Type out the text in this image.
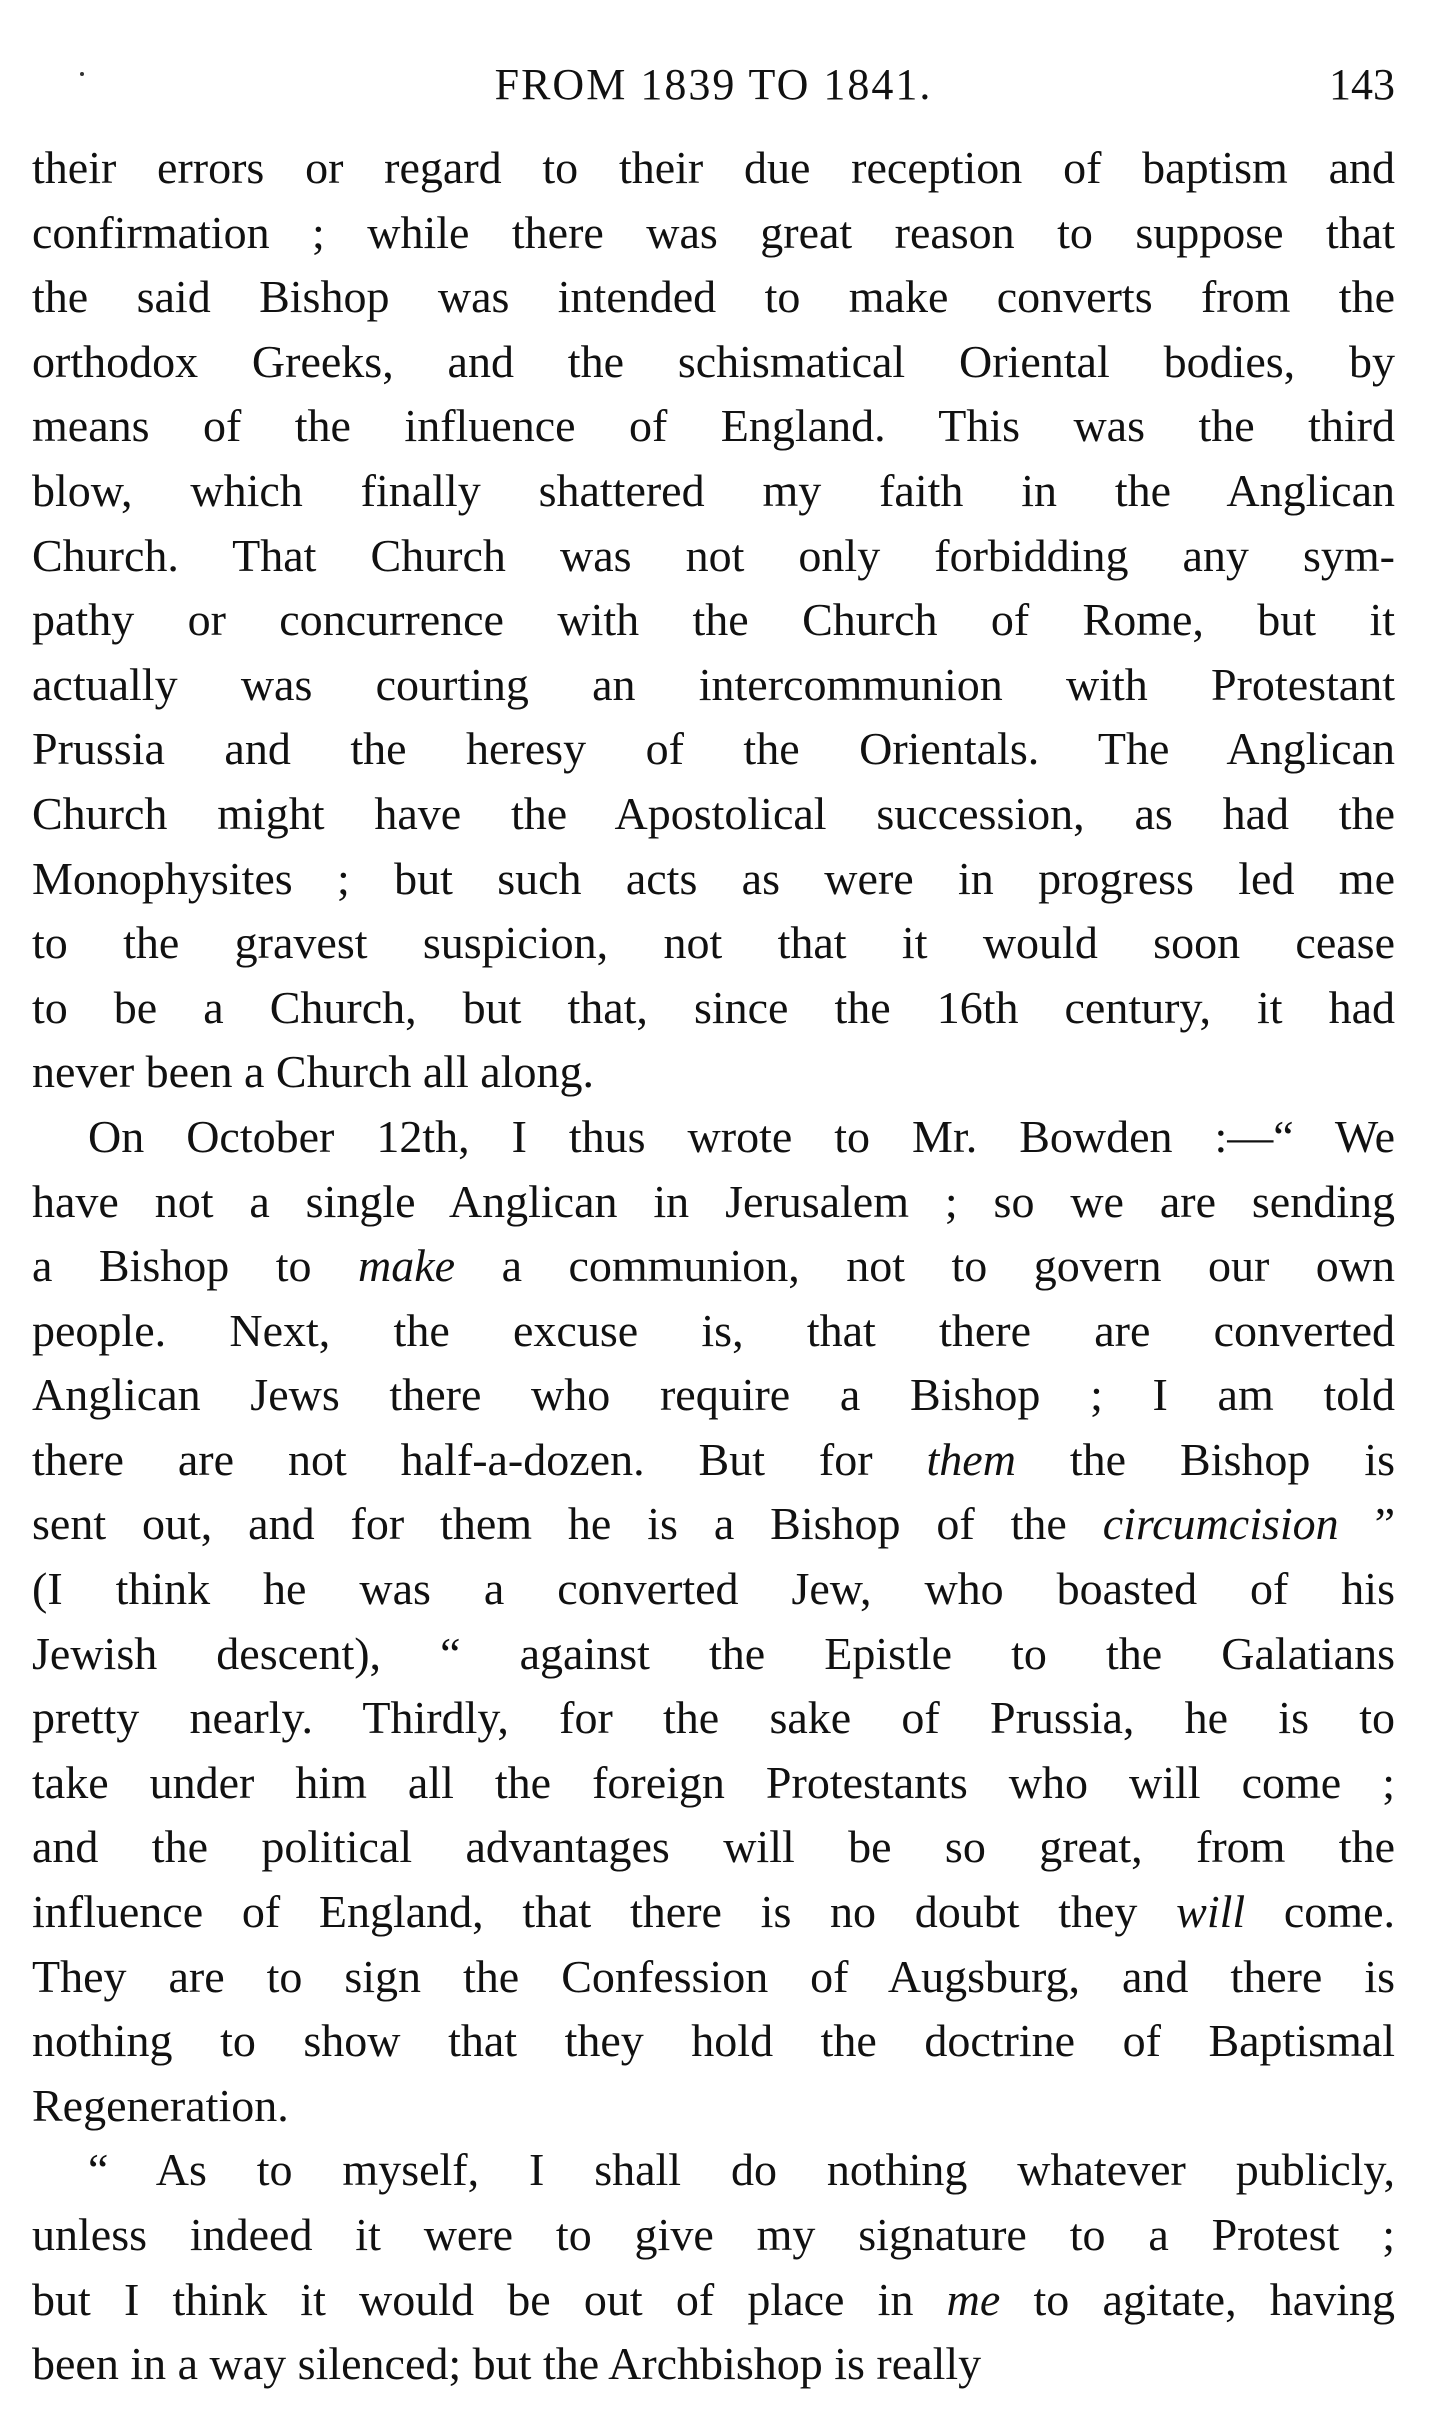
FROM 1839 TO 1841.	143
their errors or regard to their due reception of baptism and
confirmation ; while there was great reason to suppose that
the said Bishop was intended to make converts from the
orthodox Greeks, and the schismatical Oriental bodies, by
means of the influence of England. This was the third
blow, which finally shattered my faith in the Anglican
Church. That Church was not only forbidding any sym-
pathy or concurrence with the Church of Rome, but it
actually was courting an intercommunion with Protestant
Prussia and the heresy of the Orientals. The Anglican
Church might have the Apostolical succession, as had the
Monophysites ; but such acts as were in progress led me
to the gravest suspicion, not that it would soon cease
to be a Church, but that, since the 16th century, it had
never been a Church all along.
On October 12th, I thus wrote to Mr. Bowden :—“ We
have not a single Anglican in Jerusalem ; so we are sending
a Bishop to make a communion, not to govern our own
people. Next, the excuse is, that there are converted
Anglican Jews there who require a Bishop ; I am told
there are not half-a-dozen. But for them the Bishop is
sent out, and for them he is a Bishop of the circumcision ”
(I think he was a converted Jew, who boasted of his
Jewish descent), “ against the Epistle to the Galatians
pretty nearly. Thirdly, for the sake of Prussia, he is to
take under him all the foreign Protestants who will come ;
and the political advantages will be so great, from the
influence of England, that there is no doubt they will come.
They are to sign the Confession of Augsburg, and there is
nothing to show that they hold the doctrine of Baptismal
Regeneration.
“ As to myself, I shall do nothing whatever publicly,
unless indeed it were to give my signature to a Protest ;
but I think it would be out of place in me to agitate, having
been in a way silenced; but the Archbishop is really
